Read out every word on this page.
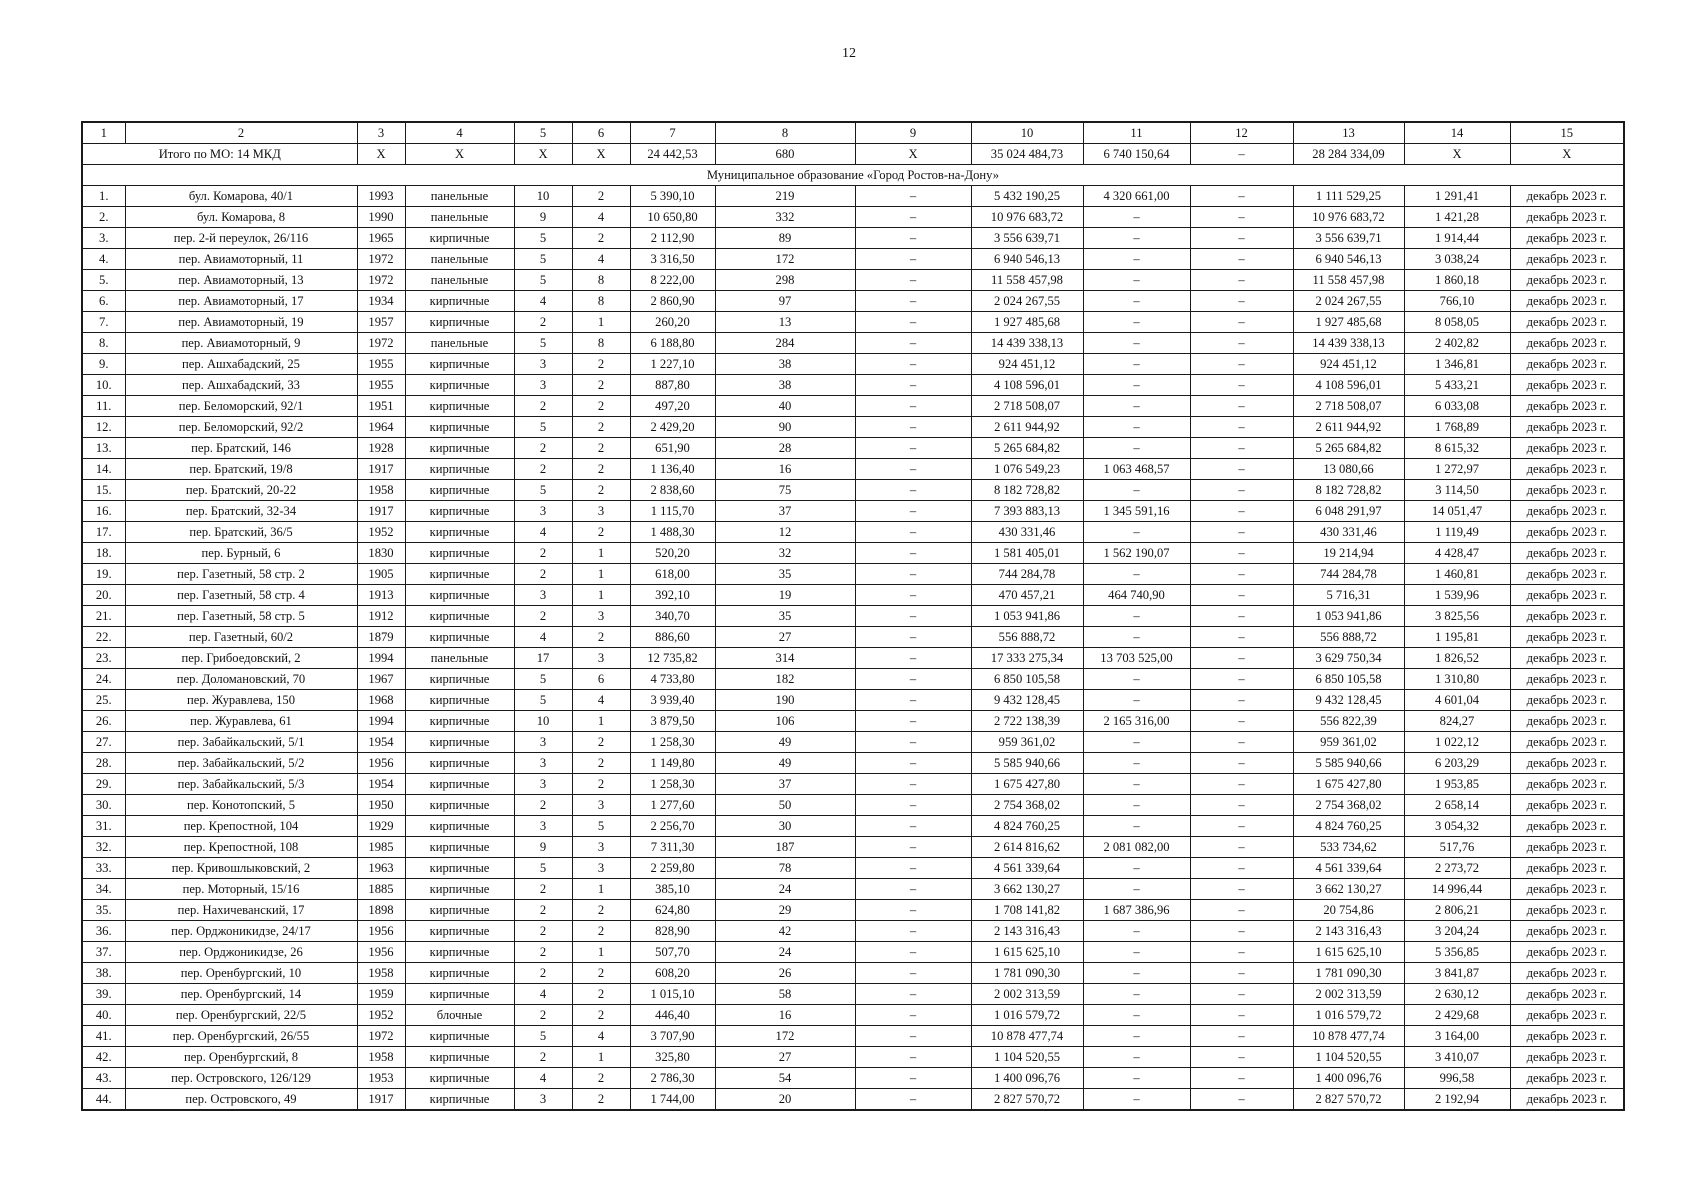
12
1	2	3	4	5	6	7	8	9	10	11	12	13	14	15
Итого по МО: 14 МКД		Х	Х	Х	Х	24 442,53	680	Х	35 024 484,73	6 740 150,64	–	28 284 334,09	Х	Х
Муниципальное образование «Город Ростов-на-Дону»														
1.	бул. Комарова, 40/1	1993	панельные	10	2	5 390,10	219	–	5 432 190,25	4 320 661,00	–	1 111 529,25	1 291,41	декабрь 2023 г.
2.	бул. Комарова, 8	1990	панельные	9	4	10 650,80	332	–	10 976 683,72	–	–	10 976 683,72	1 421,28	декабрь 2023 г.
3.	пер. 2-й переулок, 26/116	1965	кирпичные	5	2	2 112,90	89	–	3 556 639,71	–	–	3 556 639,71	1 914,44	декабрь 2023 г.
4.	пер. Авиамоторный, 11	1972	панельные	5	4	3 316,50	172	–	6 940 546,13	–	–	6 940 546,13	3 038,24	декабрь 2023 г.
5.	пер. Авиамоторный, 13	1972	панельные	5	8	8 222,00	298	–	11 558 457,98	–	–	11 558 457,98	1 860,18	декабрь 2023 г.
6.	пер. Авиамоторный, 17	1934	кирпичные	4	8	2 860,90	97	–	2 024 267,55	–	–	2 024 267,55	766,10	декабрь 2023 г.
7.	пер. Авиамоторный, 19	1957	кирпичные	2	1	260,20	13	–	1 927 485,68	–	–	1 927 485,68	8 058,05	декабрь 2023 г.
8.	пер. Авиамоторный, 9	1972	панельные	5	8	6 188,80	284	–	14 439 338,13	–	–	14 439 338,13	2 402,82	декабрь 2023 г.
9.	пер. Ашхабадский, 25	1955	кирпичные	3	2	1 227,10	38	–	924 451,12	–	–	924 451,12	1 346,81	декабрь 2023 г.
10.	пер. Ашхабадский, 33	1955	кирпичные	3	2	887,80	38	–	4 108 596,01	–	–	4 108 596,01	5 433,21	декабрь 2023 г.
11.	пер. Беломорский, 92/1	1951	кирпичные	2	2	497,20	40	–	2 718 508,07	–	–	2 718 508,07	6 033,08	декабрь 2023 г.
12.	пер. Беломорский, 92/2	1964	кирпичные	5	2	2 429,20	90	–	2 611 944,92	–	–	2 611 944,92	1 768,89	декабрь 2023 г.
13.	пер. Братский, 146	1928	кирпичные	2	2	651,90	28	–	5 265 684,82	–	–	5 265 684,82	8 615,32	декабрь 2023 г.
14.	пер. Братский, 19/8	1917	кирпичные	2	2	1 136,40	16	–	1 076 549,23	1 063 468,57	–	13 080,66	1 272,97	декабрь 2023 г.
15.	пер. Братский, 20-22	1958	кирпичные	5	2	2 838,60	75	–	8 182 728,82	–	–	8 182 728,82	3 114,50	декабрь 2023 г.
16.	пер. Братский, 32-34	1917	кирпичные	3	3	1 115,70	37	–	7 393 883,13	1 345 591,16	–	6 048 291,97	14 051,47	декабрь 2023 г.
17.	пер. Братский, 36/5	1952	кирпичные	4	2	1 488,30	12	–	430 331,46	–	–	430 331,46	1 119,49	декабрь 2023 г.
18.	пер. Бурный, 6	1830	кирпичные	2	1	520,20	32	–	1 581 405,01	1 562 190,07	–	19 214,94	4 428,47	декабрь 2023 г.
19.	пер. Газетный, 58 стр. 2	1905	кирпичные	2	1	618,00	35	–	744 284,78	–	–	744 284,78	1 460,81	декабрь 2023 г.
20.	пер. Газетный, 58 стр. 4	1913	кирпичные	3	1	392,10	19	–	470 457,21	464 740,90	–	5 716,31	1 539,96	декабрь 2023 г.
21.	пер. Газетный, 58 стр. 5	1912	кирпичные	2	3	340,70	35	–	1 053 941,86	–	–	1 053 941,86	3 825,56	декабрь 2023 г.
22.	пер. Газетный, 60/2	1879	кирпичные	4	2	886,60	27	–	556 888,72	–	–	556 888,72	1 195,81	декабрь 2023 г.
23.	пер. Грибоедовский, 2	1994	панельные	17	3	12 735,82	314	–	17 333 275,34	13 703 525,00	–	3 629 750,34	1 826,52	декабрь 2023 г.
24.	пер. Доломановский, 70	1967	кирпичные	5	6	4 733,80	182	–	6 850 105,58	–	–	6 850 105,58	1 310,80	декабрь 2023 г.
25.	пер. Журавлева, 150	1968	кирпичные	5	4	3 939,40	190	–	9 432 128,45	–	–	9 432 128,45	4 601,04	декабрь 2023 г.
26.	пер. Журавлева, 61	1994	кирпичные	10	1	3 879,50	106	–	2 722 138,39	2 165 316,00	–	556 822,39	824,27	декабрь 2023 г.
27.	пер. Забайкальский, 5/1	1954	кирпичные	3	2	1 258,30	49	–	959 361,02	–	–	959 361,02	1 022,12	декабрь 2023 г.
28.	пер. Забайкальский, 5/2	1956	кирпичные	3	2	1 149,80	49	–	5 585 940,66	–	–	5 585 940,66	6 203,29	декабрь 2023 г.
29.	пер. Забайкальский, 5/3	1954	кирпичные	3	2	1 258,30	37	–	1 675 427,80	–	–	1 675 427,80	1 953,85	декабрь 2023 г.
30.	пер. Конотопский, 5	1950	кирпичные	2	3	1 277,60	50	–	2 754 368,02	–	–	2 754 368,02	2 658,14	декабрь 2023 г.
31.	пер. Крепостной, 104	1929	кирпичные	3	5	2 256,70	30	–	4 824 760,25	–	–	4 824 760,25	3 054,32	декабрь 2023 г.
32.	пер. Крепостной, 108	1985	кирпичные	9	3	7 311,30	187	–	2 614 816,62	2 081 082,00	–	533 734,62	517,76	декабрь 2023 г.
33.	пер. Кривошлыковский, 2	1963	кирпичные	5	3	2 259,80	78	–	4 561 339,64	–	–	4 561 339,64	2 273,72	декабрь 2023 г.
34.	пер. Моторный, 15/16	1885	кирпичные	2	1	385,10	24	–	3 662 130,27	–	–	3 662 130,27	14 996,44	декабрь 2023 г.
35.	пер. Нахичеванский, 17	1898	кирпичные	2	2	624,80	29	–	1 708 141,82	1 687 386,96	–	20 754,86	2 806,21	декабрь 2023 г.
36.	пер. Орджоникидзе, 24/17	1956	кирпичные	2	2	828,90	42	–	2 143 316,43	–	–	2 143 316,43	3 204,24	декабрь 2023 г.
37.	пер. Орджоникидзе, 26	1956	кирпичные	2	1	507,70	24	–	1 615 625,10	–	–	1 615 625,10	5 356,85	декабрь 2023 г.
38.	пер. Оренбургский, 10	1958	кирпичные	2	2	608,20	26	–	1 781 090,30	–	–	1 781 090,30	3 841,87	декабрь 2023 г.
39.	пер. Оренбургский, 14	1959	кирпичные	4	2	1 015,10	58	–	2 002 313,59	–	–	2 002 313,59	2 630,12	декабрь 2023 г.
40.	пер. Оренбургский, 22/5	1952	блочные	2	2	446,40	16	–	1 016 579,72	–	–	1 016 579,72	2 429,68	декабрь 2023 г.
41.	пер. Оренбургский, 26/55	1972	кирпичные	5	4	3 707,90	172	–	10 878 477,74	–	–	10 878 477,74	3 164,00	декабрь 2023 г.
42.	пер. Оренбургский, 8	1958	кирпичные	2	1	325,80	27	–	1 104 520,55	–	–	1 104 520,55	3 410,07	декабрь 2023 г.
43.	пер. Островского, 126/129	1953	кирпичные	4	2	2 786,30	54	–	1 400 096,76	–	–	1 400 096,76	996,58	декабрь 2023 г.
44.	пер. Островского, 49	1917	кирпичные	3	2	1 744,00	20	–	2 827 570,72	–	–	2 827 570,72	2 192,94	декабрь 2023 г.
